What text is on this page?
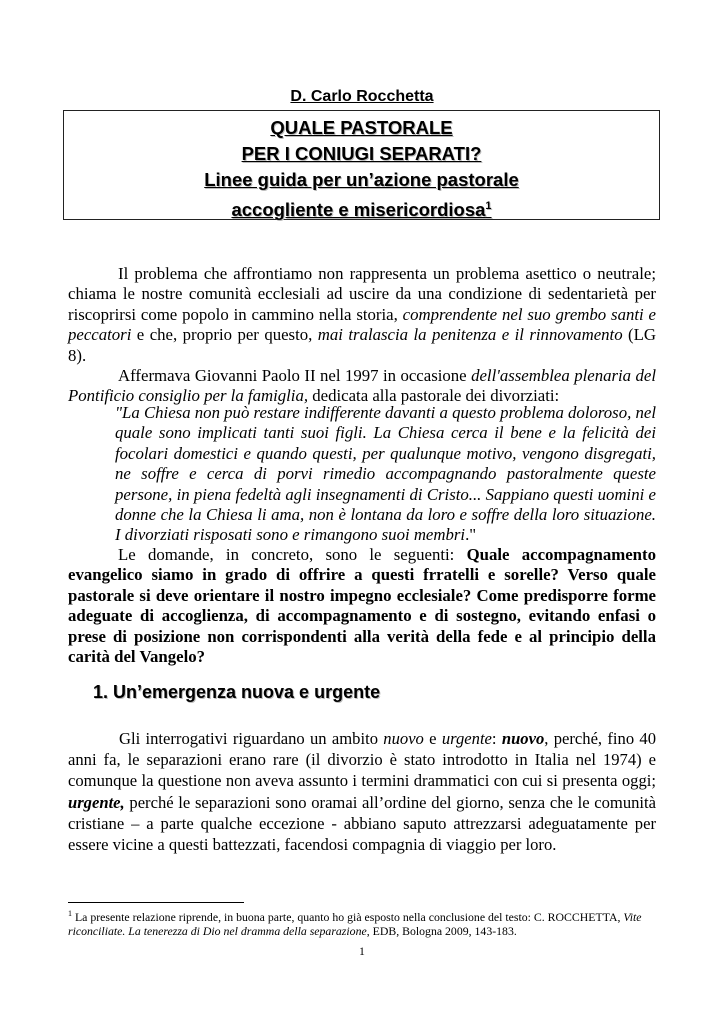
D. Carlo Rocchetta
QUALE PASTORALE
PER I CONIUGI SEPARATI?
Linee guida per un’azione pastorale
accogliente e misericordiosa$^1$
Il problema che affrontiamo non rappresenta un problema asettico o neutrale; chiama le nostre comunità ecclesiali ad uscire da una condizione di sedentarietà per riscoprirsi come popolo in cammino nella storia, comprendente nel suo grembo santi e peccatori e che, proprio per questo, mai tralascia la penitenza e il rinnovamento (LG 8).
Affermava Giovanni Paolo II nel 1997 in occasione dell'assemblea plenaria del Pontificio consiglio per la famiglia, dedicata alla pastorale dei divorziati:
"La Chiesa non può restare indifferente davanti a questo problema doloroso, nel quale sono implicati tanti suoi figli. La Chiesa cerca il bene e la felicità dei focolari domestici e quando questi, per qualunque motivo, vengono disgregati, ne soffre e cerca di porvi rimedio accompagnando pastoralmente queste persone, in piena fedeltà agli insegnamenti di Cristo... Sappiano questi uomini e donne che la Chiesa li ama, non è lontana da loro e soffre della loro situazione. I divorziati risposati sono e rimangono suoi membri."
Le domande, in concreto, sono le seguenti: Quale accompagnamento evangelico siamo in grado di offrire a questi frratelli e sorelle? Verso quale pastorale si deve orientare il nostro impegno ecclesiale? Come predisporre forme adeguate di accoglienza, di accompagnamento e di sostegno, evitando enfasi o prese di posizione non corrispondenti alla verità della fede e al principio della carità del Vangelo?
1. Un’emergenza nuova e urgente
Gli interrogativi riguardano un ambito nuovo e urgente: nuovo, perché, fino 40 anni fa, le separazioni erano rare (il divorzio è stato introdotto in Italia nel 1974) e comunque la questione non aveva assunto i termini drammatici con cui si presenta oggi; urgente, perché le separazioni sono oramai all’ordine del giorno, senza che le comunità cristiane – a parte qualche eccezione - abbiano saputo attrezzarsi adeguatamente per essere vicine a questi battezzati, facendosi compagnia di viaggio per loro.
$^1$ La presente relazione riprende, in buona parte, quanto ho già esposto nella conclusione del testo: C. ROCCHETTA, Vite riconciliate. La tenerezza di Dio nel dramma della separazione, EDB, Bologna 2009, 143-183.
1
